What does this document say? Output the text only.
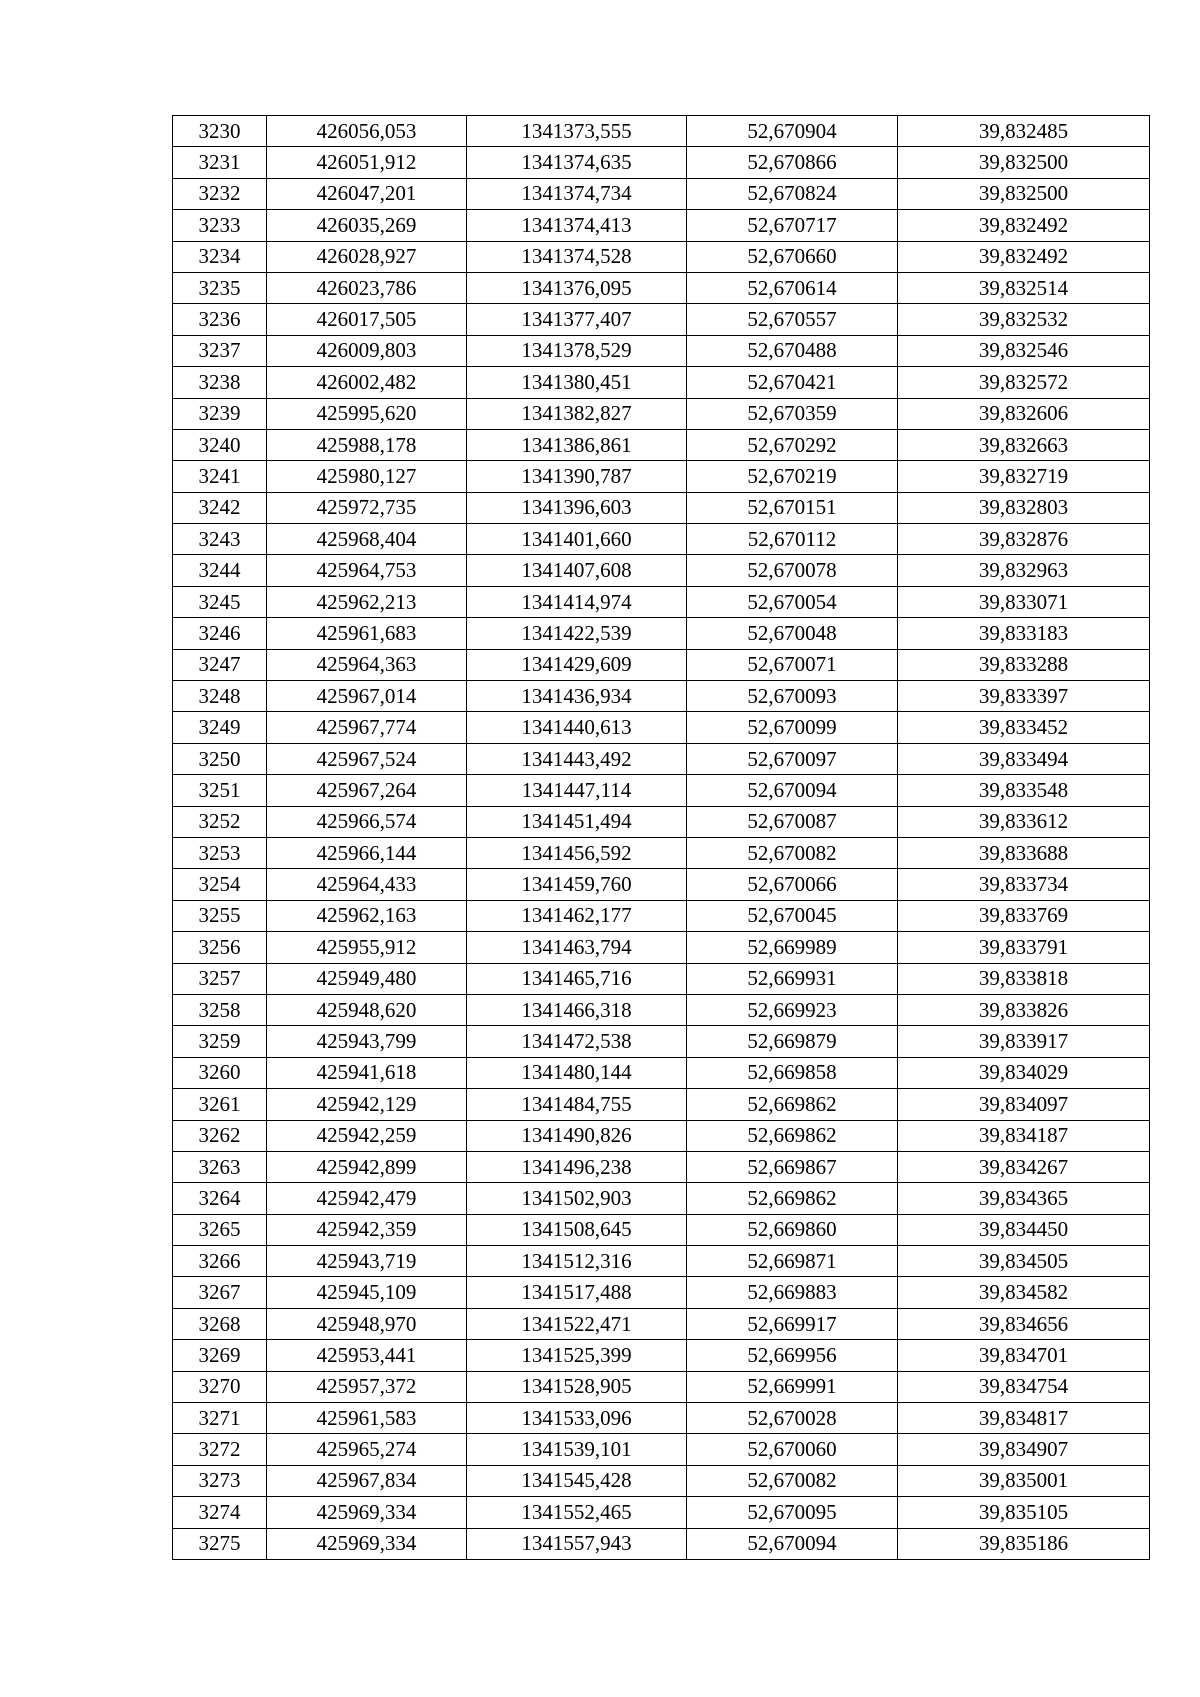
3230	426056,053	1341373,555	52,670904	39,832485
3231	426051,912	1341374,635	52,670866	39,832500
3232	426047,201	1341374,734	52,670824	39,832500
3233	426035,269	1341374,413	52,670717	39,832492
3234	426028,927	1341374,528	52,670660	39,832492
3235	426023,786	1341376,095	52,670614	39,832514
3236	426017,505	1341377,407	52,670557	39,832532
3237	426009,803	1341378,529	52,670488	39,832546
3238	426002,482	1341380,451	52,670421	39,832572
3239	425995,620	1341382,827	52,670359	39,832606
3240	425988,178	1341386,861	52,670292	39,832663
3241	425980,127	1341390,787	52,670219	39,832719
3242	425972,735	1341396,603	52,670151	39,832803
3243	425968,404	1341401,660	52,670112	39,832876
3244	425964,753	1341407,608	52,670078	39,832963
3245	425962,213	1341414,974	52,670054	39,833071
3246	425961,683	1341422,539	52,670048	39,833183
3247	425964,363	1341429,609	52,670071	39,833288
3248	425967,014	1341436,934	52,670093	39,833397
3249	425967,774	1341440,613	52,670099	39,833452
3250	425967,524	1341443,492	52,670097	39,833494
3251	425967,264	1341447,114	52,670094	39,833548
3252	425966,574	1341451,494	52,670087	39,833612
3253	425966,144	1341456,592	52,670082	39,833688
3254	425964,433	1341459,760	52,670066	39,833734
3255	425962,163	1341462,177	52,670045	39,833769
3256	425955,912	1341463,794	52,669989	39,833791
3257	425949,480	1341465,716	52,669931	39,833818
3258	425948,620	1341466,318	52,669923	39,833826
3259	425943,799	1341472,538	52,669879	39,833917
3260	425941,618	1341480,144	52,669858	39,834029
3261	425942,129	1341484,755	52,669862	39,834097
3262	425942,259	1341490,826	52,669862	39,834187
3263	425942,899	1341496,238	52,669867	39,834267
3264	425942,479	1341502,903	52,669862	39,834365
3265	425942,359	1341508,645	52,669860	39,834450
3266	425943,719	1341512,316	52,669871	39,834505
3267	425945,109	1341517,488	52,669883	39,834582
3268	425948,970	1341522,471	52,669917	39,834656
3269	425953,441	1341525,399	52,669956	39,834701
3270	425957,372	1341528,905	52,669991	39,834754
3271	425961,583	1341533,096	52,670028	39,834817
3272	425965,274	1341539,101	52,670060	39,834907
3273	425967,834	1341545,428	52,670082	39,835001
3274	425969,334	1341552,465	52,670095	39,835105
3275	425969,334	1341557,943	52,670094	39,835186
